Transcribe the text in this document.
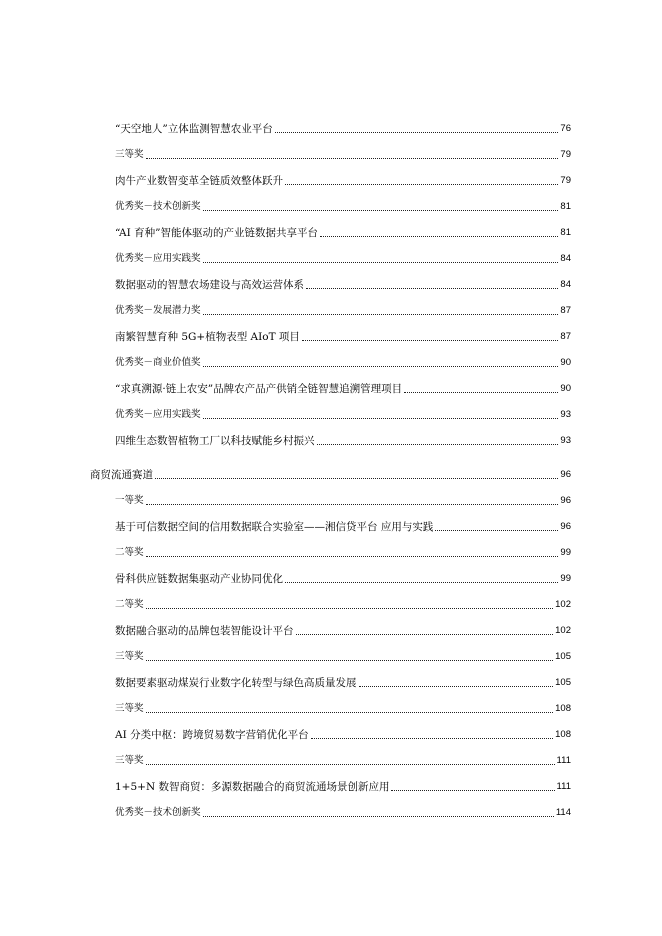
“天空地人”立体监测智慧农业平台	76
三等奖	79
肉牛产业数智变革全链质效整体跃升	79
优秀奖－技术创新奖	81
“AI 育种”智能体驱动的产业链数据共享平台	81
优秀奖－应用实践奖	84
数据驱动的智慧农场建设与高效运营体系	84
优秀奖－发展潜力奖	87
南繁智慧育种 5G+植物表型 AIoT 项目	87
优秀奖－商业价值奖	90
“求真溯源·链上农安”品牌农产品产供销全链智慧追溯管理项目	90
优秀奖－应用实践奖	93
四维生态数智植物工厂以科技赋能乡村振兴	93
商贸流通赛道	96
一等奖	96
基于可信数据空间的信用数据联合实验室——湘信贷平台 应用与实践	96
二等奖	99
骨科供应链数据集驱动产业协同优化	99
二等奖	102
数据融合驱动的品牌包装智能设计平台	102
三等奖	105
数据要素驱动煤炭行业数字化转型与绿色高质量发展	105
三等奖	108
AI 分类中枢：跨境贸易数字营销优化平台	108
三等奖	111
1+5+N 数智商贸：多源数据融合的商贸流通场景创新应用	111
优秀奖－技术创新奖	114
